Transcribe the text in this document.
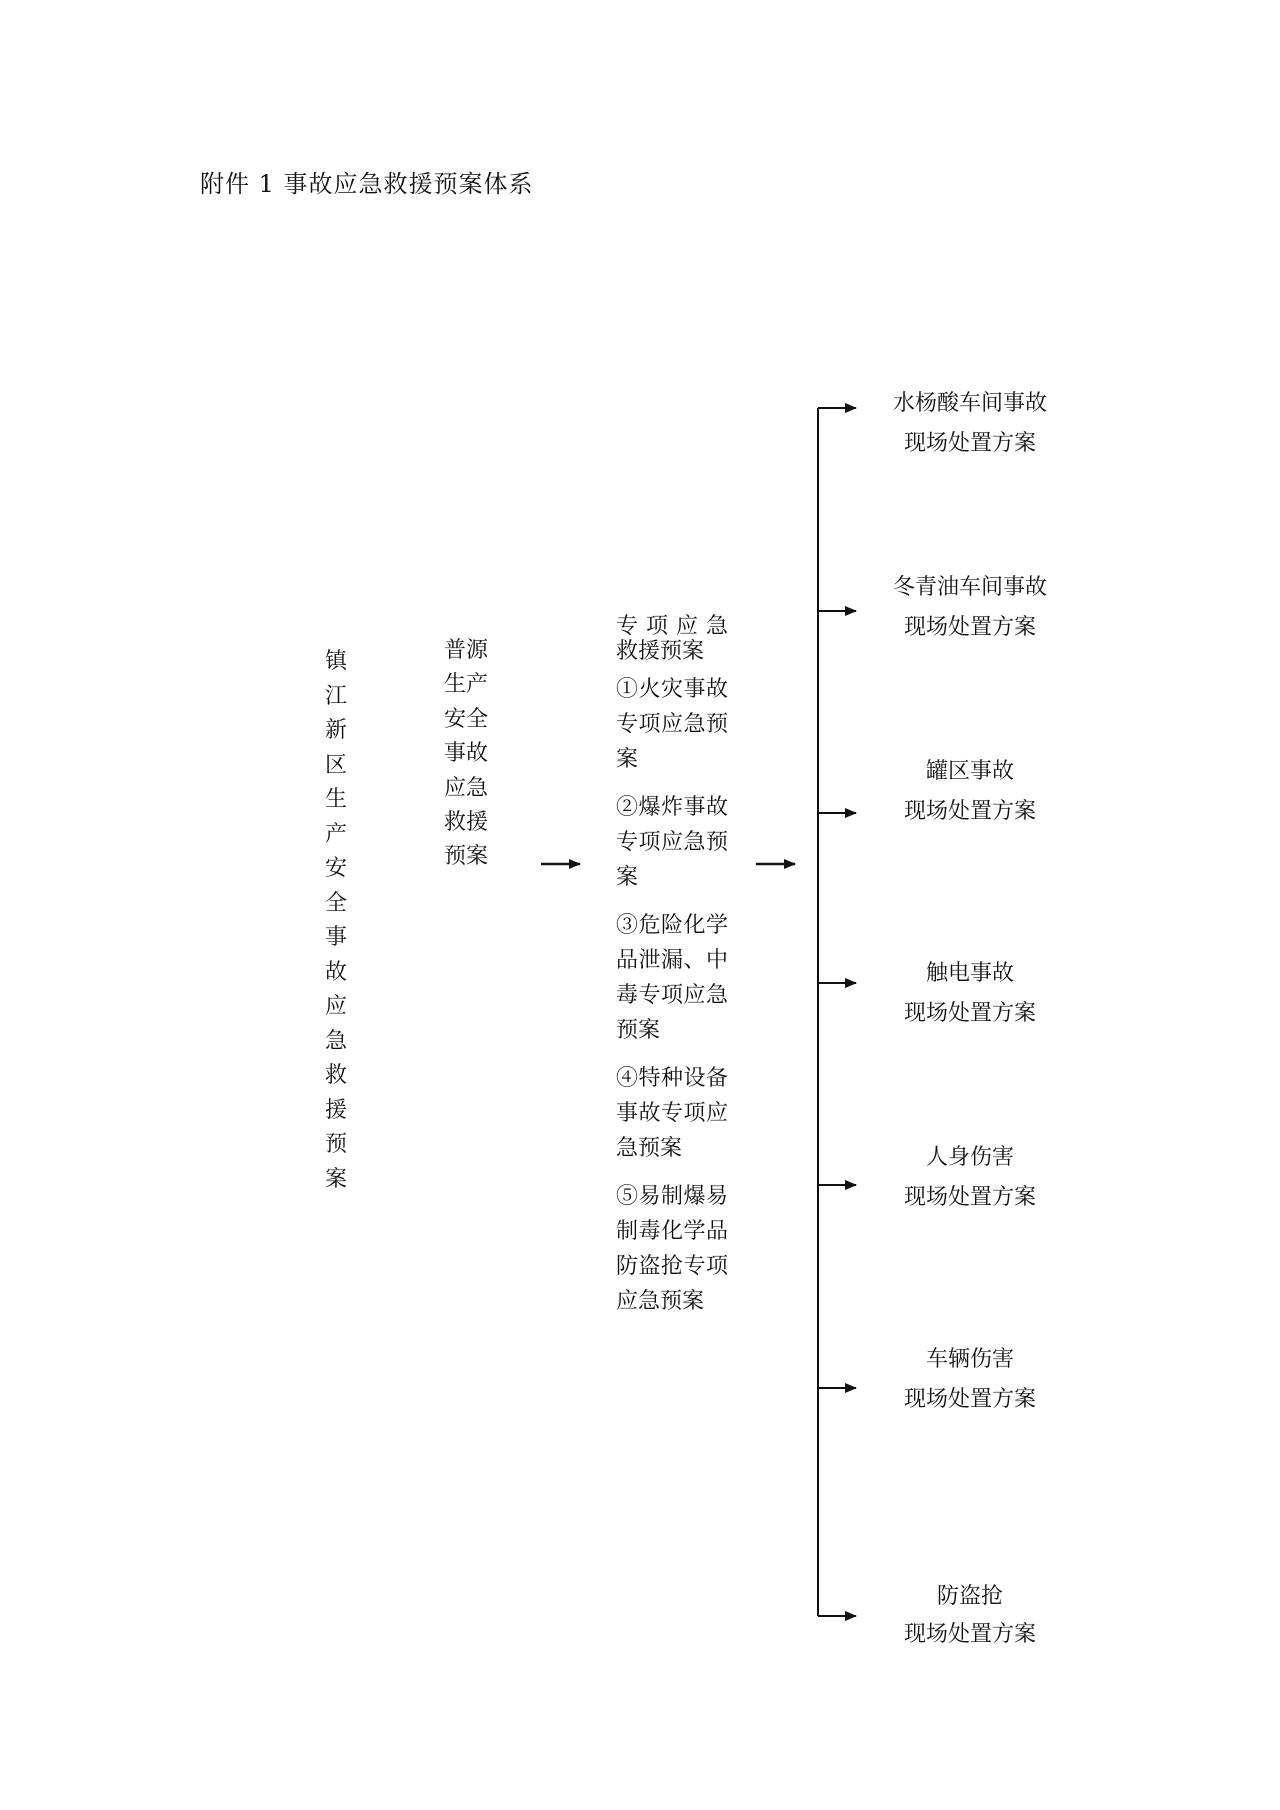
附件 1 事故应急救援预案体系
镇
江
新
区
生
产
安
全
事
故
应
急
救
援
预
案
普源
生产
安全
事故
应急
救援
预案
专项应急
救援预案
①火灾事故专项应急预案
②爆炸事故专项应急预案
③危险化学品泄漏、中毒专项应急预案
④特种设备事故专项应急预案
⑤易制爆易制毒化学品防盗抢专项应急预案
水杨酸车间事故
现场处置方案
冬青油车间事故
现场处置方案
罐区事故
现场处置方案
触电事故
现场处置方案
人身伤害
现场处置方案
车辆伤害
现场处置方案
防盗抢
现场处置方案
